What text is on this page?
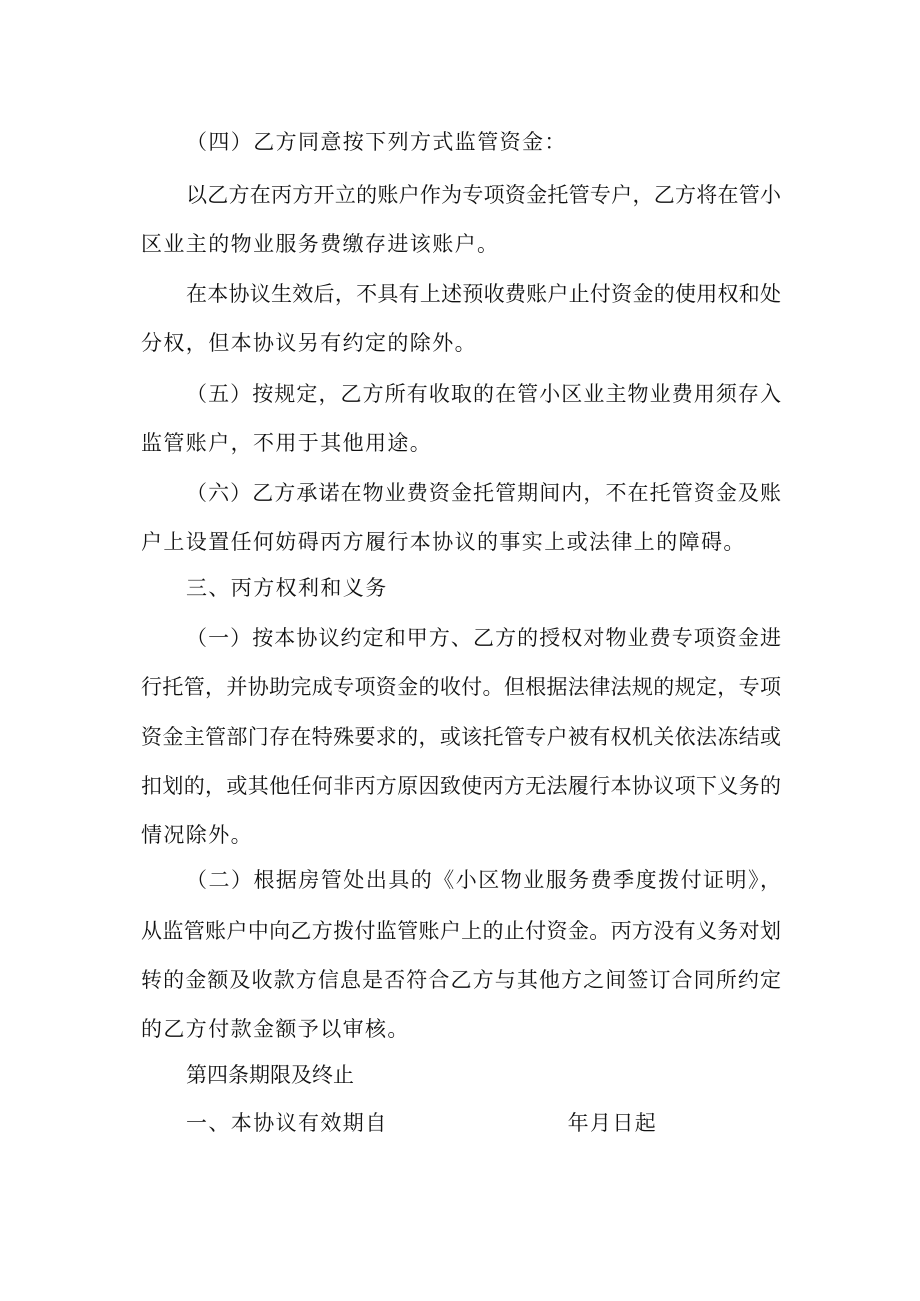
（四）乙方同意按下列方式监管资金：
以乙方在丙方开立的账户作为专项资金托管专户，乙方将在管小
区业主的物业服务费缴存进该账户。
在本协议生效后，不具有上述预收费账户止付资金的使用权和处
分权，但本协议另有约定的除外。
（五）按规定，乙方所有收取的在管小区业主物业费用须存入
监管账户，不用于其他用途。
（六）乙方承诺在物业费资金托管期间内，不在托管资金及账
户上设置任何妨碍丙方履行本协议的事实上或法律上的障碍。
三、丙方权利和义务
（一）按本协议约定和甲方、乙方的授权对物业费专项资金进
行托管，并协助完成专项资金的收付。但根据法律法规的规定，专项
资金主管部门存在特殊要求的，或该托管专户被有权机关依法冻结或
扣划的，或其他任何非丙方原因致使丙方无法履行本协议项下义务的
情况除外。
（二）根据房管处出具的《小区物业服务费季度拨付证明》，
从监管账户中向乙方拨付监管账户上的止付资金。丙方没有义务对划
转的金额及收款方信息是否符合乙方与其他方之间签订合同所约定
的乙方付款金额予以审核。
第四条期限及终止
一、本协议有效期自	年月日起
